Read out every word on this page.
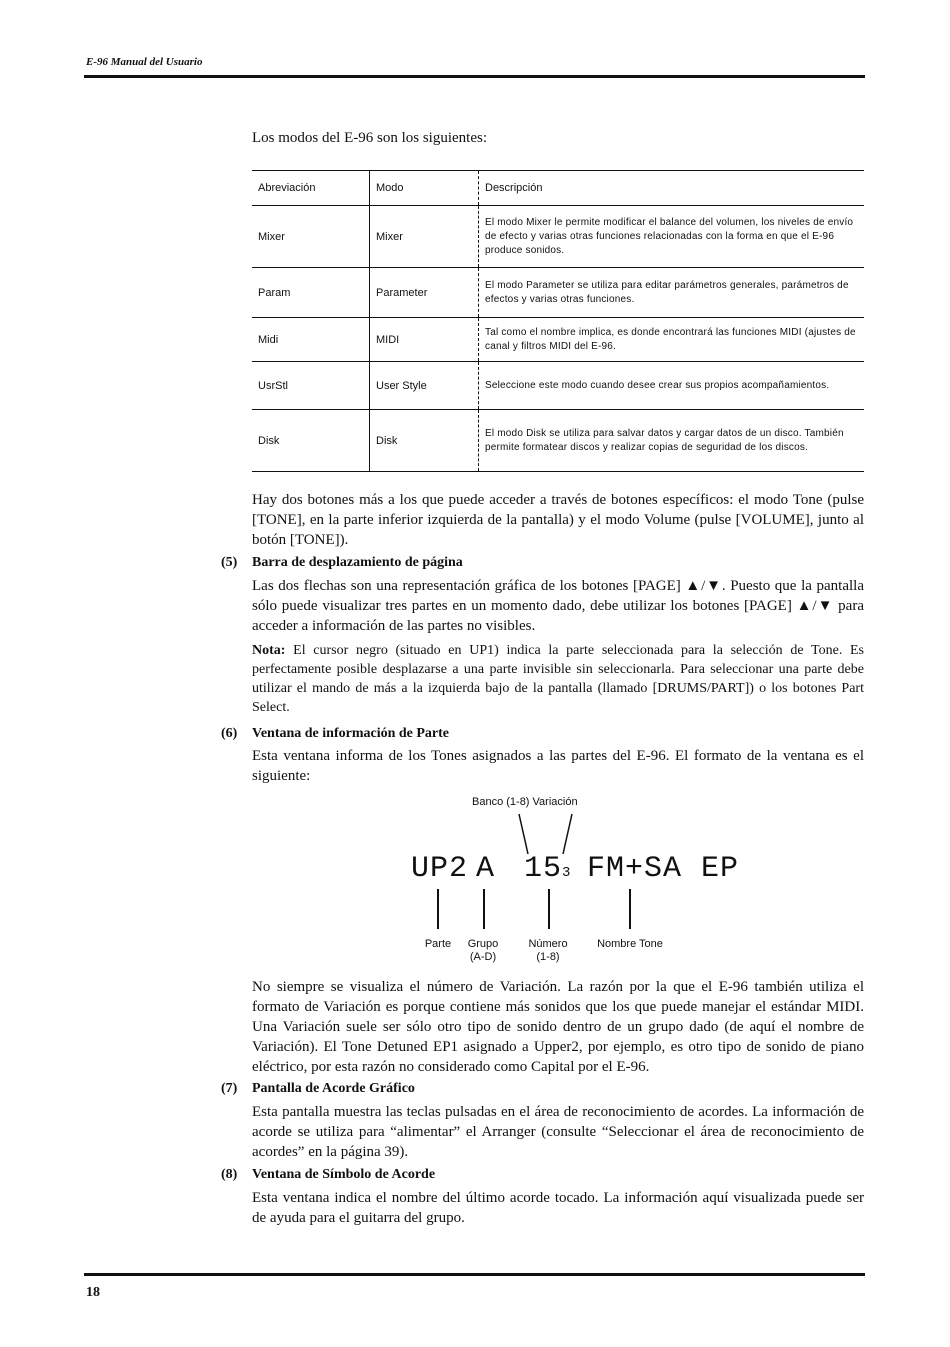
E-96 Manual del Usuario
Los modos del E-96 son los siguientes:
Abreviación	Modo	Descripción
Mixer	Mixer	El modo Mixer le permite modificar el balance del volumen, los niveles de envío de efecto y varias otras funciones relacionadas con la forma en que el E-96 produce sonidos.
Param	Parameter	El modo Parameter se utiliza para editar parámetros generales, parámetros de efectos y varias otras funciones.
Midi	MIDI	Tal como el nombre implica, es donde encontrará las funciones MIDI (ajustes de canal y filtros MIDI del E-96.
UsrStl	User Style	Seleccione este modo cuando desee crear sus propios acompañamientos.
Disk	Disk	El modo Disk se utiliza para salvar datos y cargar datos de un disco. También permite formatear discos y realizar copias de seguridad de los discos.
Hay dos botones más a los que puede acceder a través de botones específicos: el modo Tone (pulse [TONE], en la parte inferior izquierda de la pantalla) y el modo Volume (pulse [VOLUME], junto al botón [TONE]).
(5) Barra de desplazamiento de página
Las dos flechas son una representación gráfica de los botones [PAGE] ▲/▼. Puesto que la pantalla sólo puede visualizar tres partes en un momento dado, debe utilizar los botones [PAGE] ▲/▼ para acceder a información de las partes no visibles.
Nota: El cursor negro (situado en UP1) indica la parte seleccionada para la selección de Tone. Es perfectamente posible desplazarse a una parte invisible sin seleccionarla. Para seleccionar una parte debe utilizar el mando de más a la izquierda bajo de la pantalla (llamado [DRUMS/PART]) o los botones Part Select.
(6) Ventana de información de Parte
Esta ventana informa de los Tones asignados a las partes del E-96. El formato de la ventana es el siguiente:
Banco (1-8) Variación
UP2 A 153 FM+SA EP
Parte	Grupo
(A-D)
Número
(1-8)
Nombre Tone
No siempre se visualiza el número de Variación. La razón por la que el E-96 también utiliza el formato de Variación es porque contiene más sonidos que los que puede manejar el estándar MIDI. Una Variación suele ser sólo otro tipo de sonido dentro de un grupo dado (de aquí el nombre de Variación). El Tone Detuned EP1 asignado a Upper2, por ejemplo, es otro tipo de sonido de piano eléctrico, por esta razón no considerado como Capital por el E-96.
(7) Pantalla de Acorde Gráfico
Esta pantalla muestra las teclas pulsadas en el área de reconocimiento de acordes. La información de acorde se utiliza para “alimentar” el Arranger (consulte “Seleccionar el área de reconocimiento de acordes” en la página 39).
(8) Ventana de Símbolo de Acorde
Esta ventana indica el nombre del último acorde tocado. La información aquí visualizada puede ser de ayuda para el guitarra del grupo.
18
